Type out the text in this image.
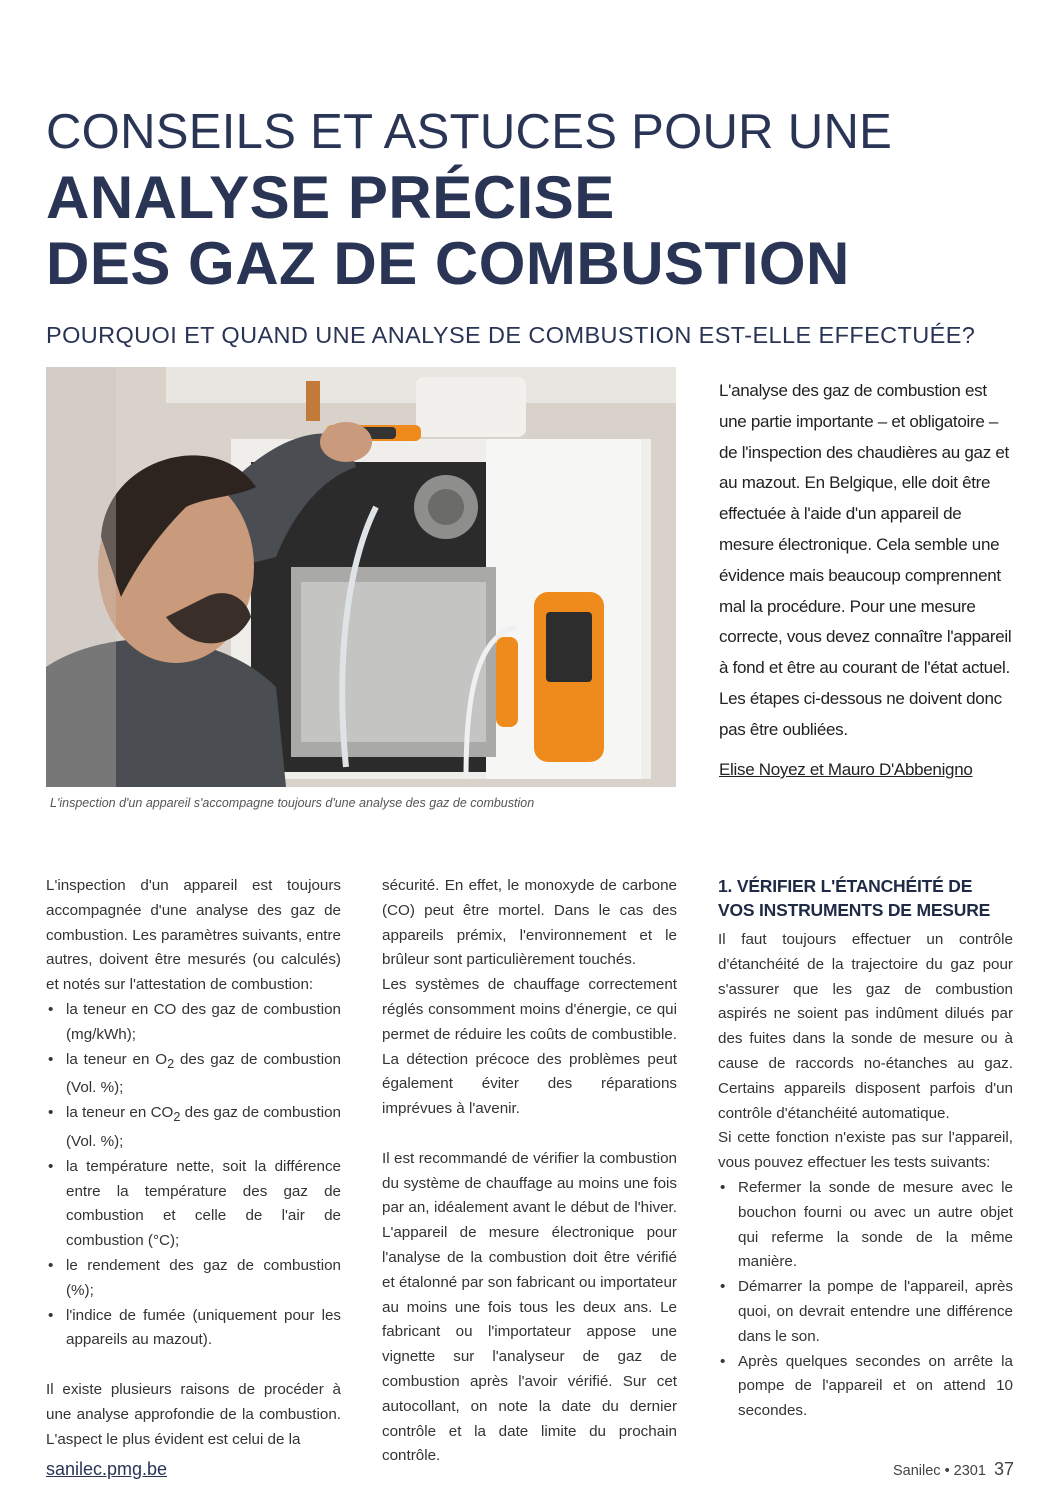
CONSEILS ET ASTUCES POUR UNE
ANALYSE PRÉCISE
DES GAZ DE COMBUSTION
POURQUOI ET QUAND UNE ANALYSE DE COMBUSTION EST-ELLE EFFECTUÉE?
L'inspection d'un appareil s'accompagne toujours d'une analyse des gaz de combustion

L'analyse des gaz de combustion est une partie importante – et obligatoire – de l'inspection des chaudières au gaz et au mazout. En Belgique, elle doit être effectuée à l'aide d'un appareil de mesure électronique. Cela semble une évidence mais beaucoup comprennent mal la procédure. Pour une mesure correcte, vous devez connaître l'appareil à fond et être au courant de l'état actuel. Les étapes ci-dessous ne doivent donc pas être oubliées.

Elise Noyez et Mauro D'Abbenigno

L'inspection d'un appareil est toujours accompagnée d'une analyse des gaz de combustion. Les paramètres suivants, entre autres, doivent être mesurés (ou calculés) et notés sur l'attestation de combustion:

• la teneur en CO des gaz de combustion (mg/kWh);
• la teneur en $O_2$ des gaz de combustion (Vol. %);
• la teneur en $CO_2$ des gaz de combustion (Vol. %);
• la température nette, soit la différence entre la température des gaz de combustion et celle de l'air de combustion (°C);
• le rendement des gaz de combustion (%);
• l'indice de fumée (uniquement pour les appareils au mazout).

Il existe plusieurs raisons de procéder à une analyse approfondie de la combustion. L'aspect le plus évident est celui de la

sécurité. En effet, le monoxyde de carbone (CO) peut être mortel. Dans le cas des appareils prémix, l'environnement et le brûleur sont particulièrement touchés.

Les systèmes de chauffage correctement réglés consomment moins d'énergie, ce qui permet de réduire les coûts de combustible. La détection précoce des problèmes peut également éviter des réparations imprévues à l'avenir.

Il est recommandé de vérifier la combustion du système de chauffage au moins une fois par an, idéalement avant le début de l'hiver. L'appareil de mesure électronique pour l'analyse de la combustion doit être vérifié et étalonné par son fabricant ou importateur au moins une fois tous les deux ans. Le fabricant ou l'importateur appose une vignette sur l'analyseur de gaz de combustion après l'avoir vérifié. Sur cet autocollant, on note la date du dernier contrôle et la date limite du prochain contrôle.

1. VÉRIFIER L'ÉTANCHÉITÉ DE VOS INSTRUMENTS DE MESURE

Il faut toujours effectuer un contrôle d'étanchéité de la trajectoire du gaz pour s'assurer que les gaz de combustion aspirés ne soient pas indûment dilués par des fuites dans la sonde de mesure ou à cause de raccords no-étanches au gaz. Certains appareils disposent parfois d'un contrôle d'étanchéité automatique.

Si cette fonction n'existe pas sur l'appareil, vous pouvez effectuer les tests suivants:

• Refermer la sonde de mesure avec le bouchon fourni ou avec un autre objet qui referme la sonde de la même manière.
• Démarrer la pompe de l'appareil, après quoi, on devrait entendre une différence dans le son.
• Après quelques secondes on arrête la pompe de l'appareil et on attend 10 secondes.
sanilec.pmg.be	Sanilec • 2301 37
